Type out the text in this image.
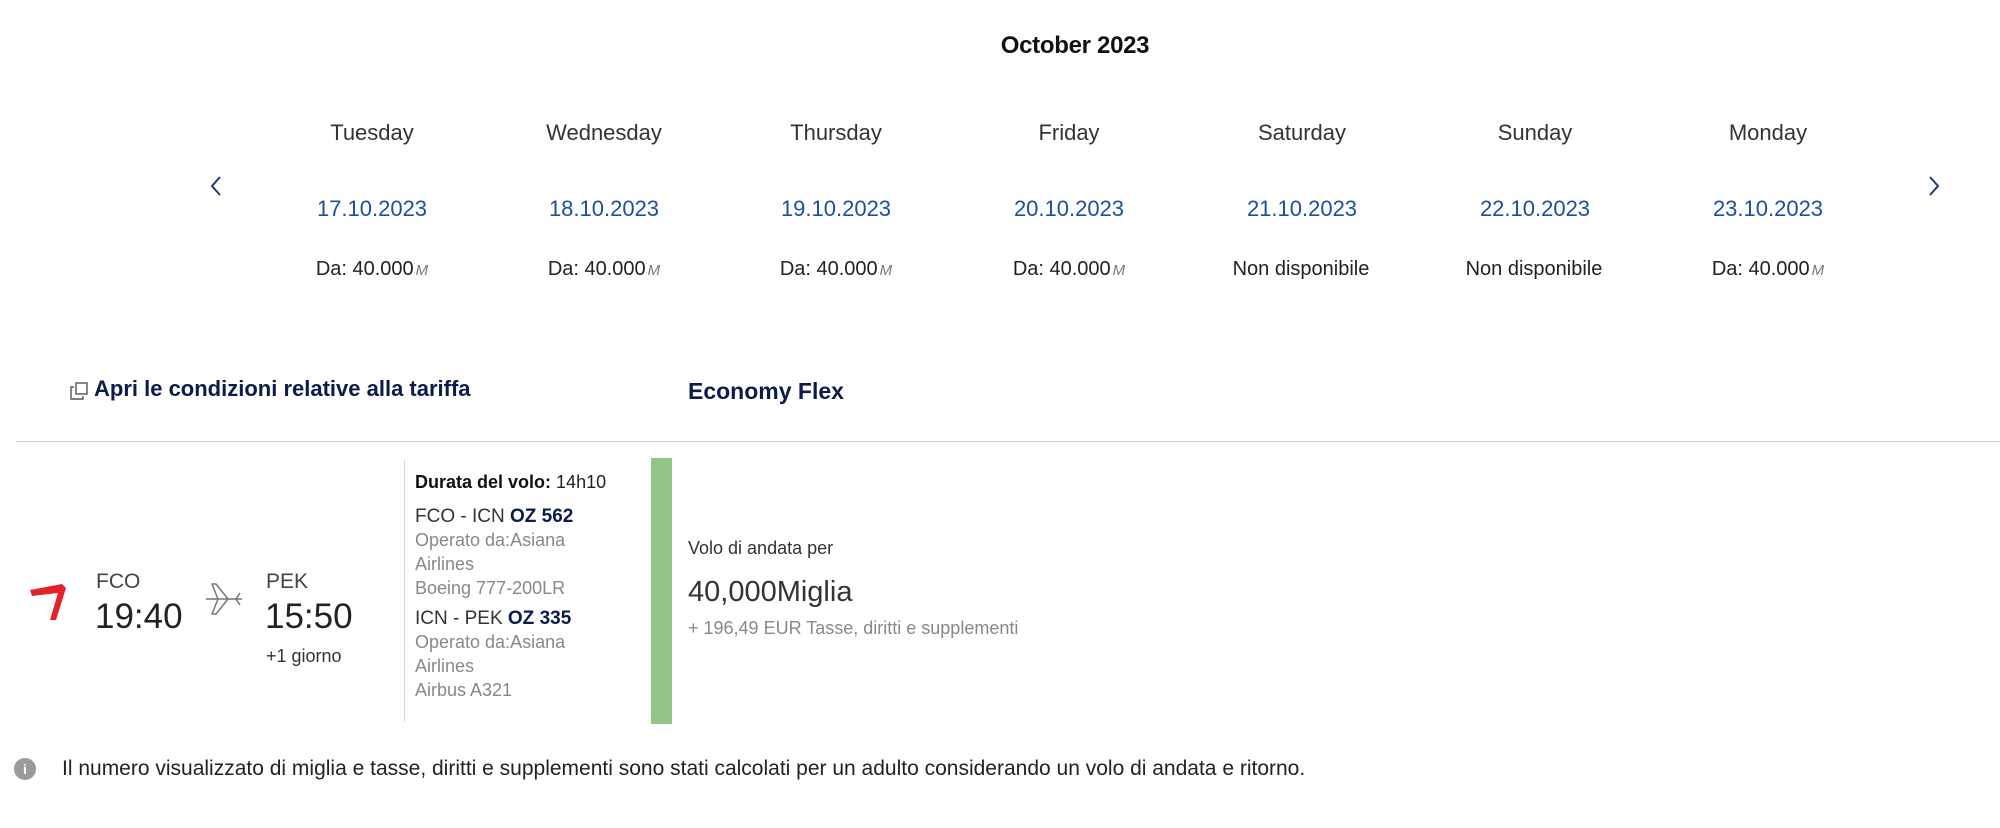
October 2023
Tuesday
17.10.2023
Da: 40.000 M
Wednesday
18.10.2023
Da: 40.000 M
Thursday
19.10.2023
Da: 40.000 M
Friday
20.10.2023
Da: 40.000 M
Saturday
21.10.2023
Non disponibile
Sunday
22.10.2023
Non disponibile
Monday
23.10.2023
Da: 40.000 M
Apri le condizioni relative alla tariffa	Economy Flex
FCO
19:40
PEK
15:50
+1 giorno
Durata del volo: 14h10
FCO - ICN OZ 562
Operato da:Asiana
Airlines
Boeing 777-200LR
ICN - PEK OZ 335
Operato da:Asiana
Airlines
Airbus A321
Volo di andata per
40,000Miglia
+ 196,49 EUR Tasse, diritti e supplementi
i	Il numero visualizzato di miglia e tasse, diritti e supplementi sono stati calcolati per un adulto considerando un volo di andata e ritorno.
